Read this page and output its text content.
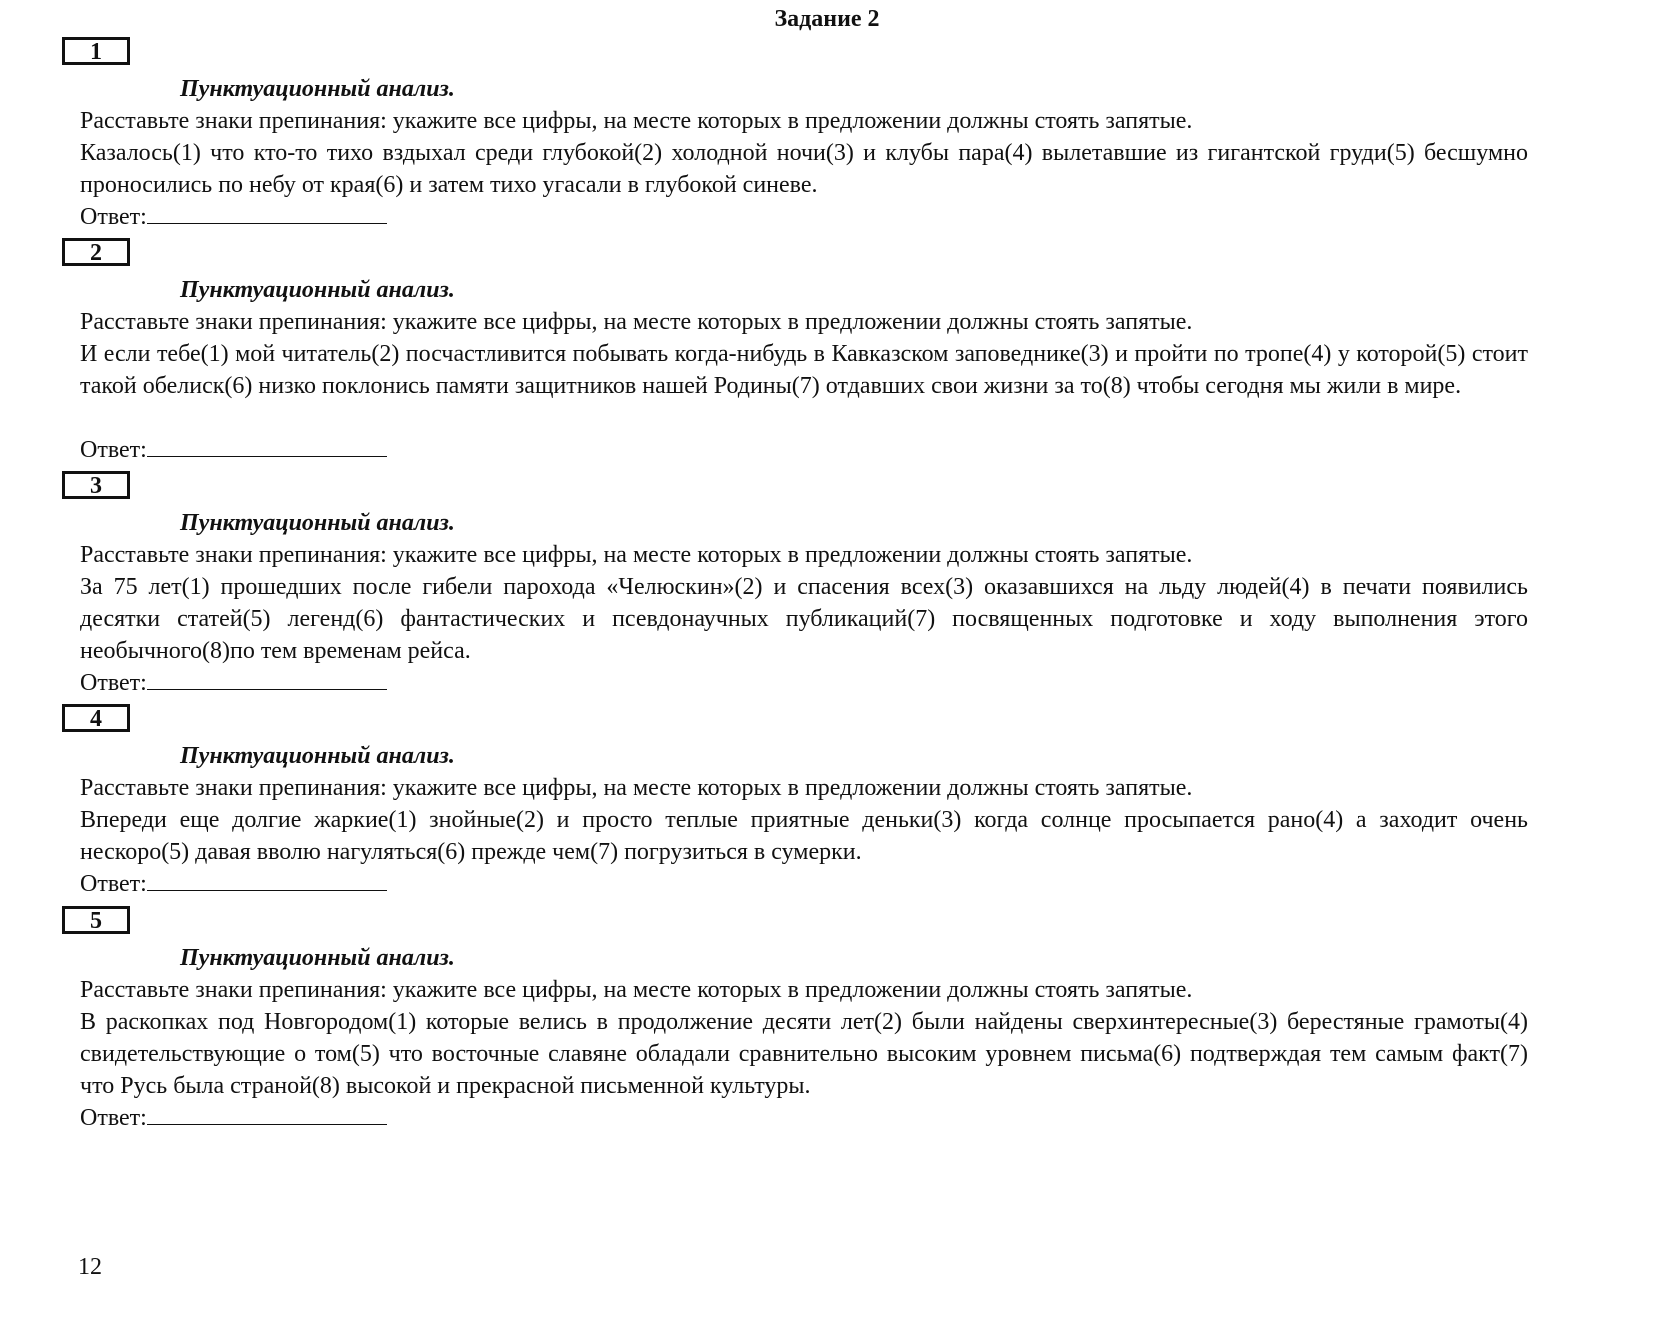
Задание 2
1
Пунктуационный анализ.
Расставьте знаки препинания: укажите все цифры, на месте которых в предложении должны стоять запятые.
Казалось(1) что кто-то тихо вздыхал среди глубокой(2) холодной ночи(3) и клубы пара(4) вылетавшие из гигантской груди(5) бесшумно проносились по небу от края(6) и затем тихо угасали в глубокой синеве.
Ответ:
2
Пунктуационный анализ.
Расставьте знаки препинания: укажите все цифры, на месте которых в предложении должны стоять запятые.
И если тебе(1) мой читатель(2) посчастливится побывать когда-нибудь в Кавказском заповеднике(3) и пройти по тропе(4) у которой(5) стоит такой обелиск(6) низко поклонись памяти защитников нашей Родины(7) отдавших свои жизни за то(8) чтобы сегодня мы жили в мире.
Ответ:
3
Пунктуационный анализ.
Расставьте знаки препинания: укажите все цифры, на месте которых в предложении должны стоять запятые.
За 75 лет(1) прошедших после гибели парохода «Челюскин»(2) и спасения всех(3) оказавшихся на льду людей(4) в печати появились десятки статей(5) легенд(6) фантастических и псевдонаучных публикаций(7) посвященных подготовке и ходу выполнения этого необычного(8)по тем временам рейса.
Ответ:
4
Пунктуационный анализ.
Расставьте знаки препинания: укажите все цифры, на месте которых в предложении должны стоять запятые.
Впереди еще долгие жаркие(1) знойные(2) и просто теплые приятные деньки(3) когда солнце просыпается рано(4) а заходит очень нескоро(5) давая вволю нагуляться(6) прежде чем(7) погрузиться в сумерки.
Ответ:
5
Пунктуационный анализ.
Расставьте знаки препинания: укажите все цифры, на месте которых в предложении должны стоять запятые.
В раскопках под Новгородом(1) которые велись в продолжение десяти лет(2) были найдены сверхинтересные(3) берестяные грамоты(4) свидетельствующие о том(5) что восточные славяне обладали сравнительно высоким уровнем письма(6) подтверждая тем самым факт(7) что Русь была страной(8) высокой и прекрасной письменной культуры.
Ответ:
12
